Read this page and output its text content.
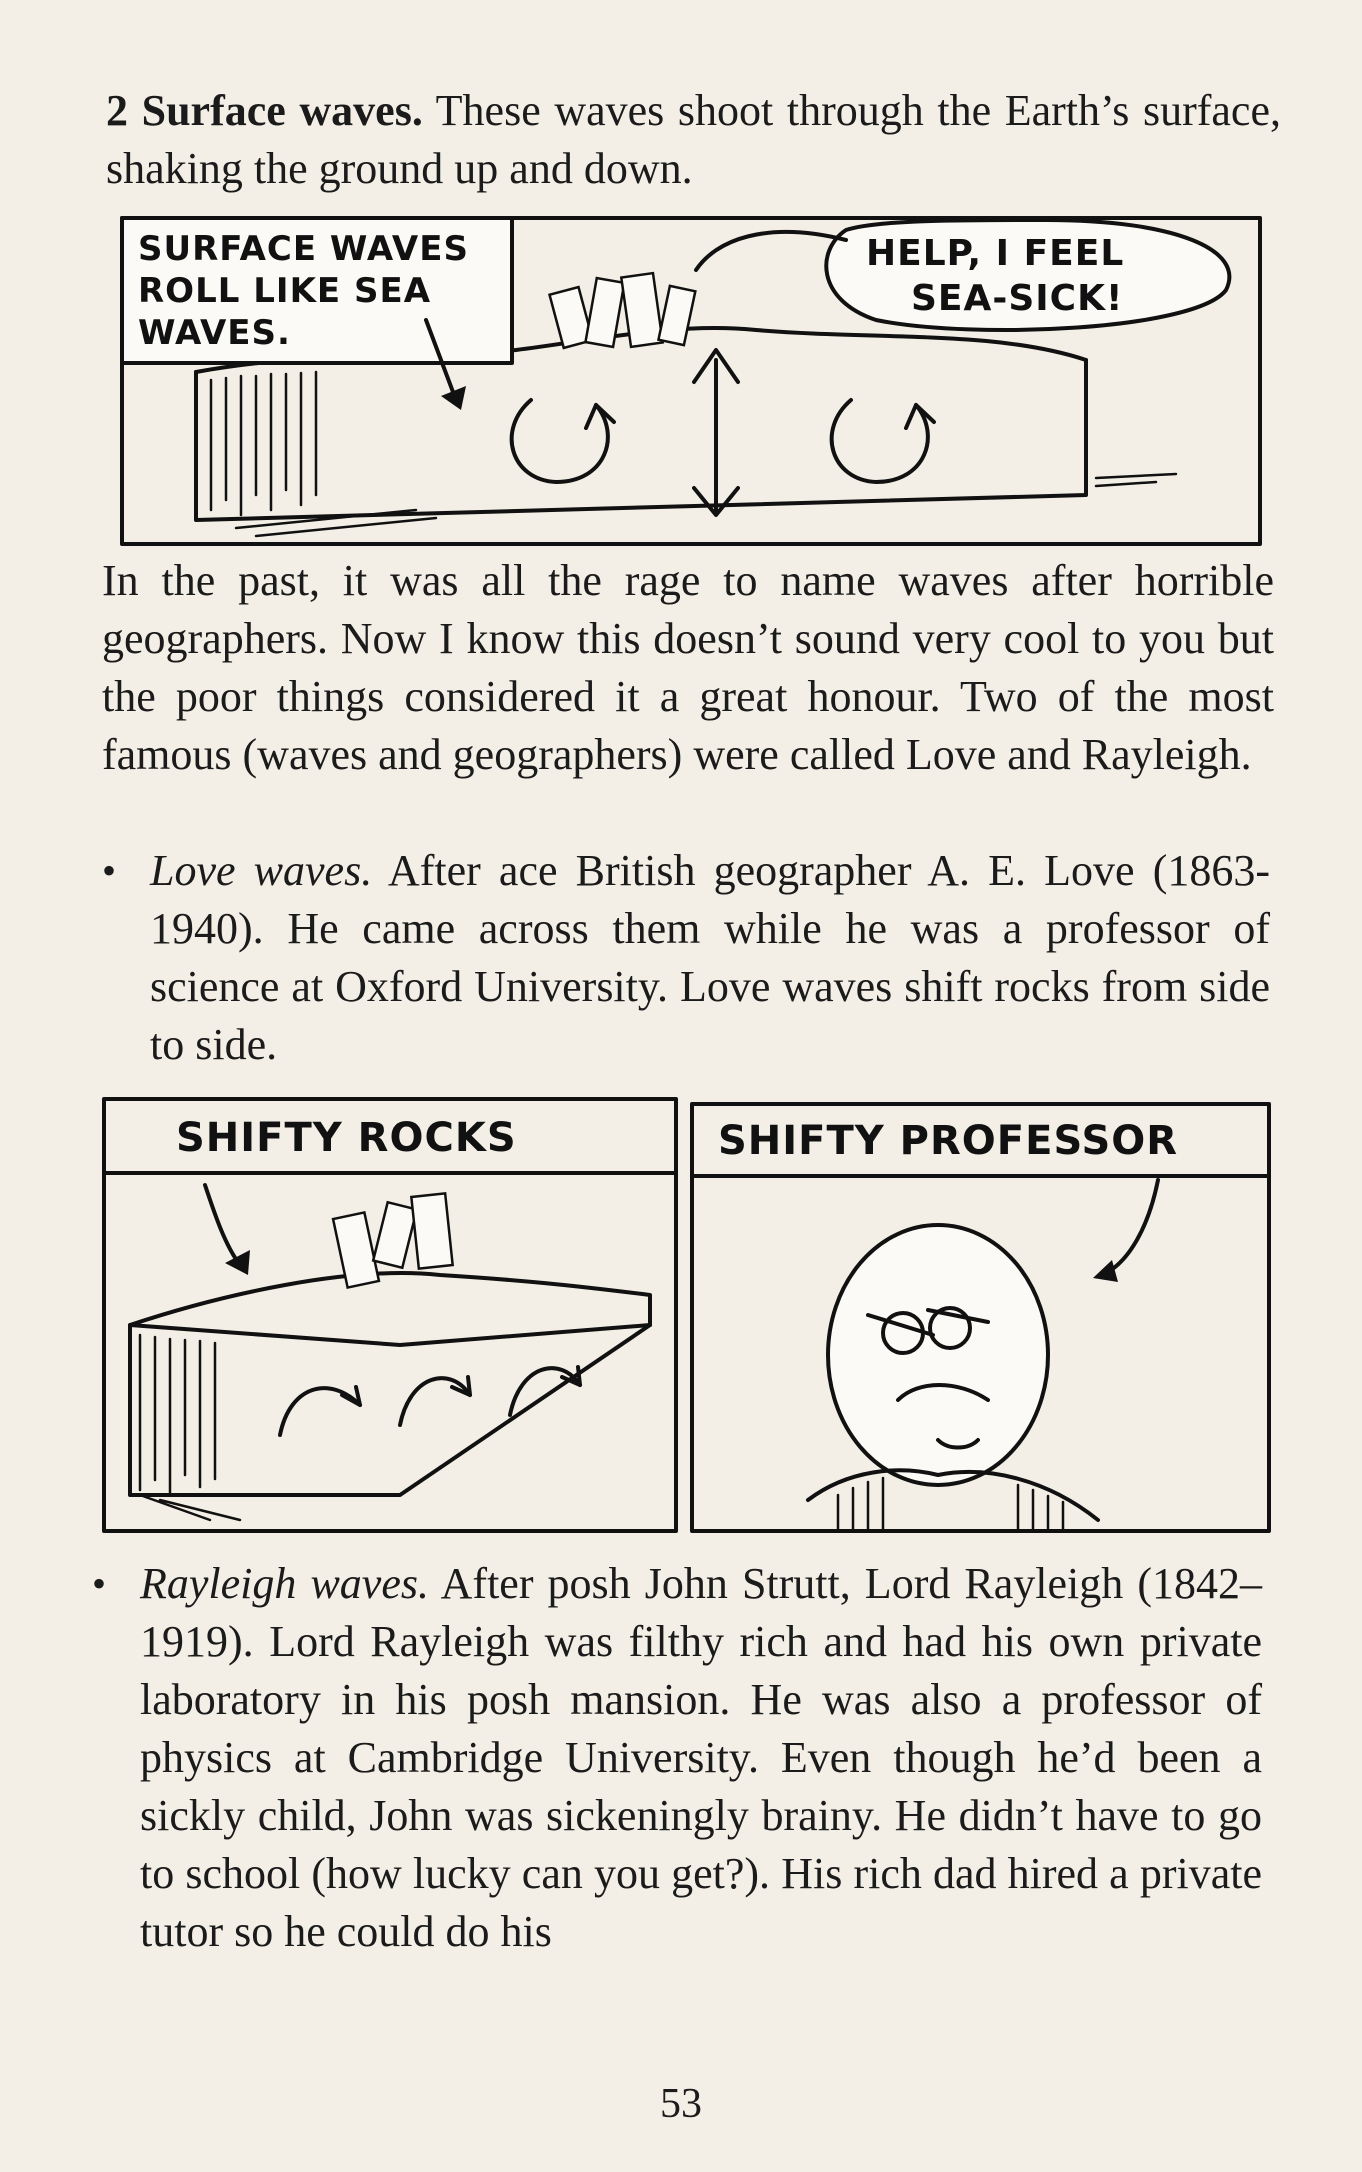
2 Surface waves. These waves shoot through the Earth’s surface, shaking the ground up and down.
SURFACE WAVES
ROLL LIKE SEA
WAVES.
HELP, I FEEL
SEA-SICK!
In the past, it was all the rage to name waves after horrible geographers. Now I know this doesn’t sound very cool to you but the poor things considered it a great honour. Two of the most famous (waves and geographers) were called Love and Rayleigh.
• Love waves. After ace British geographer A. E. Love (1863-1940). He came across them while he was a professor of science at Oxford University. Love waves shift rocks from side to side.
SHIFTY ROCKS	SHIFTY PROFESSOR
• Rayleigh waves. After posh John Strutt, Lord Rayleigh (1842–1919). Lord Rayleigh was filthy rich and had his own private laboratory in his posh mansion. He was also a professor of physics at Cambridge University. Even though he’d been a sickly child, John was sickeningly brainy. He didn’t have to go to school (how lucky can you get?). His rich dad hired a private tutor so he could do his
53
